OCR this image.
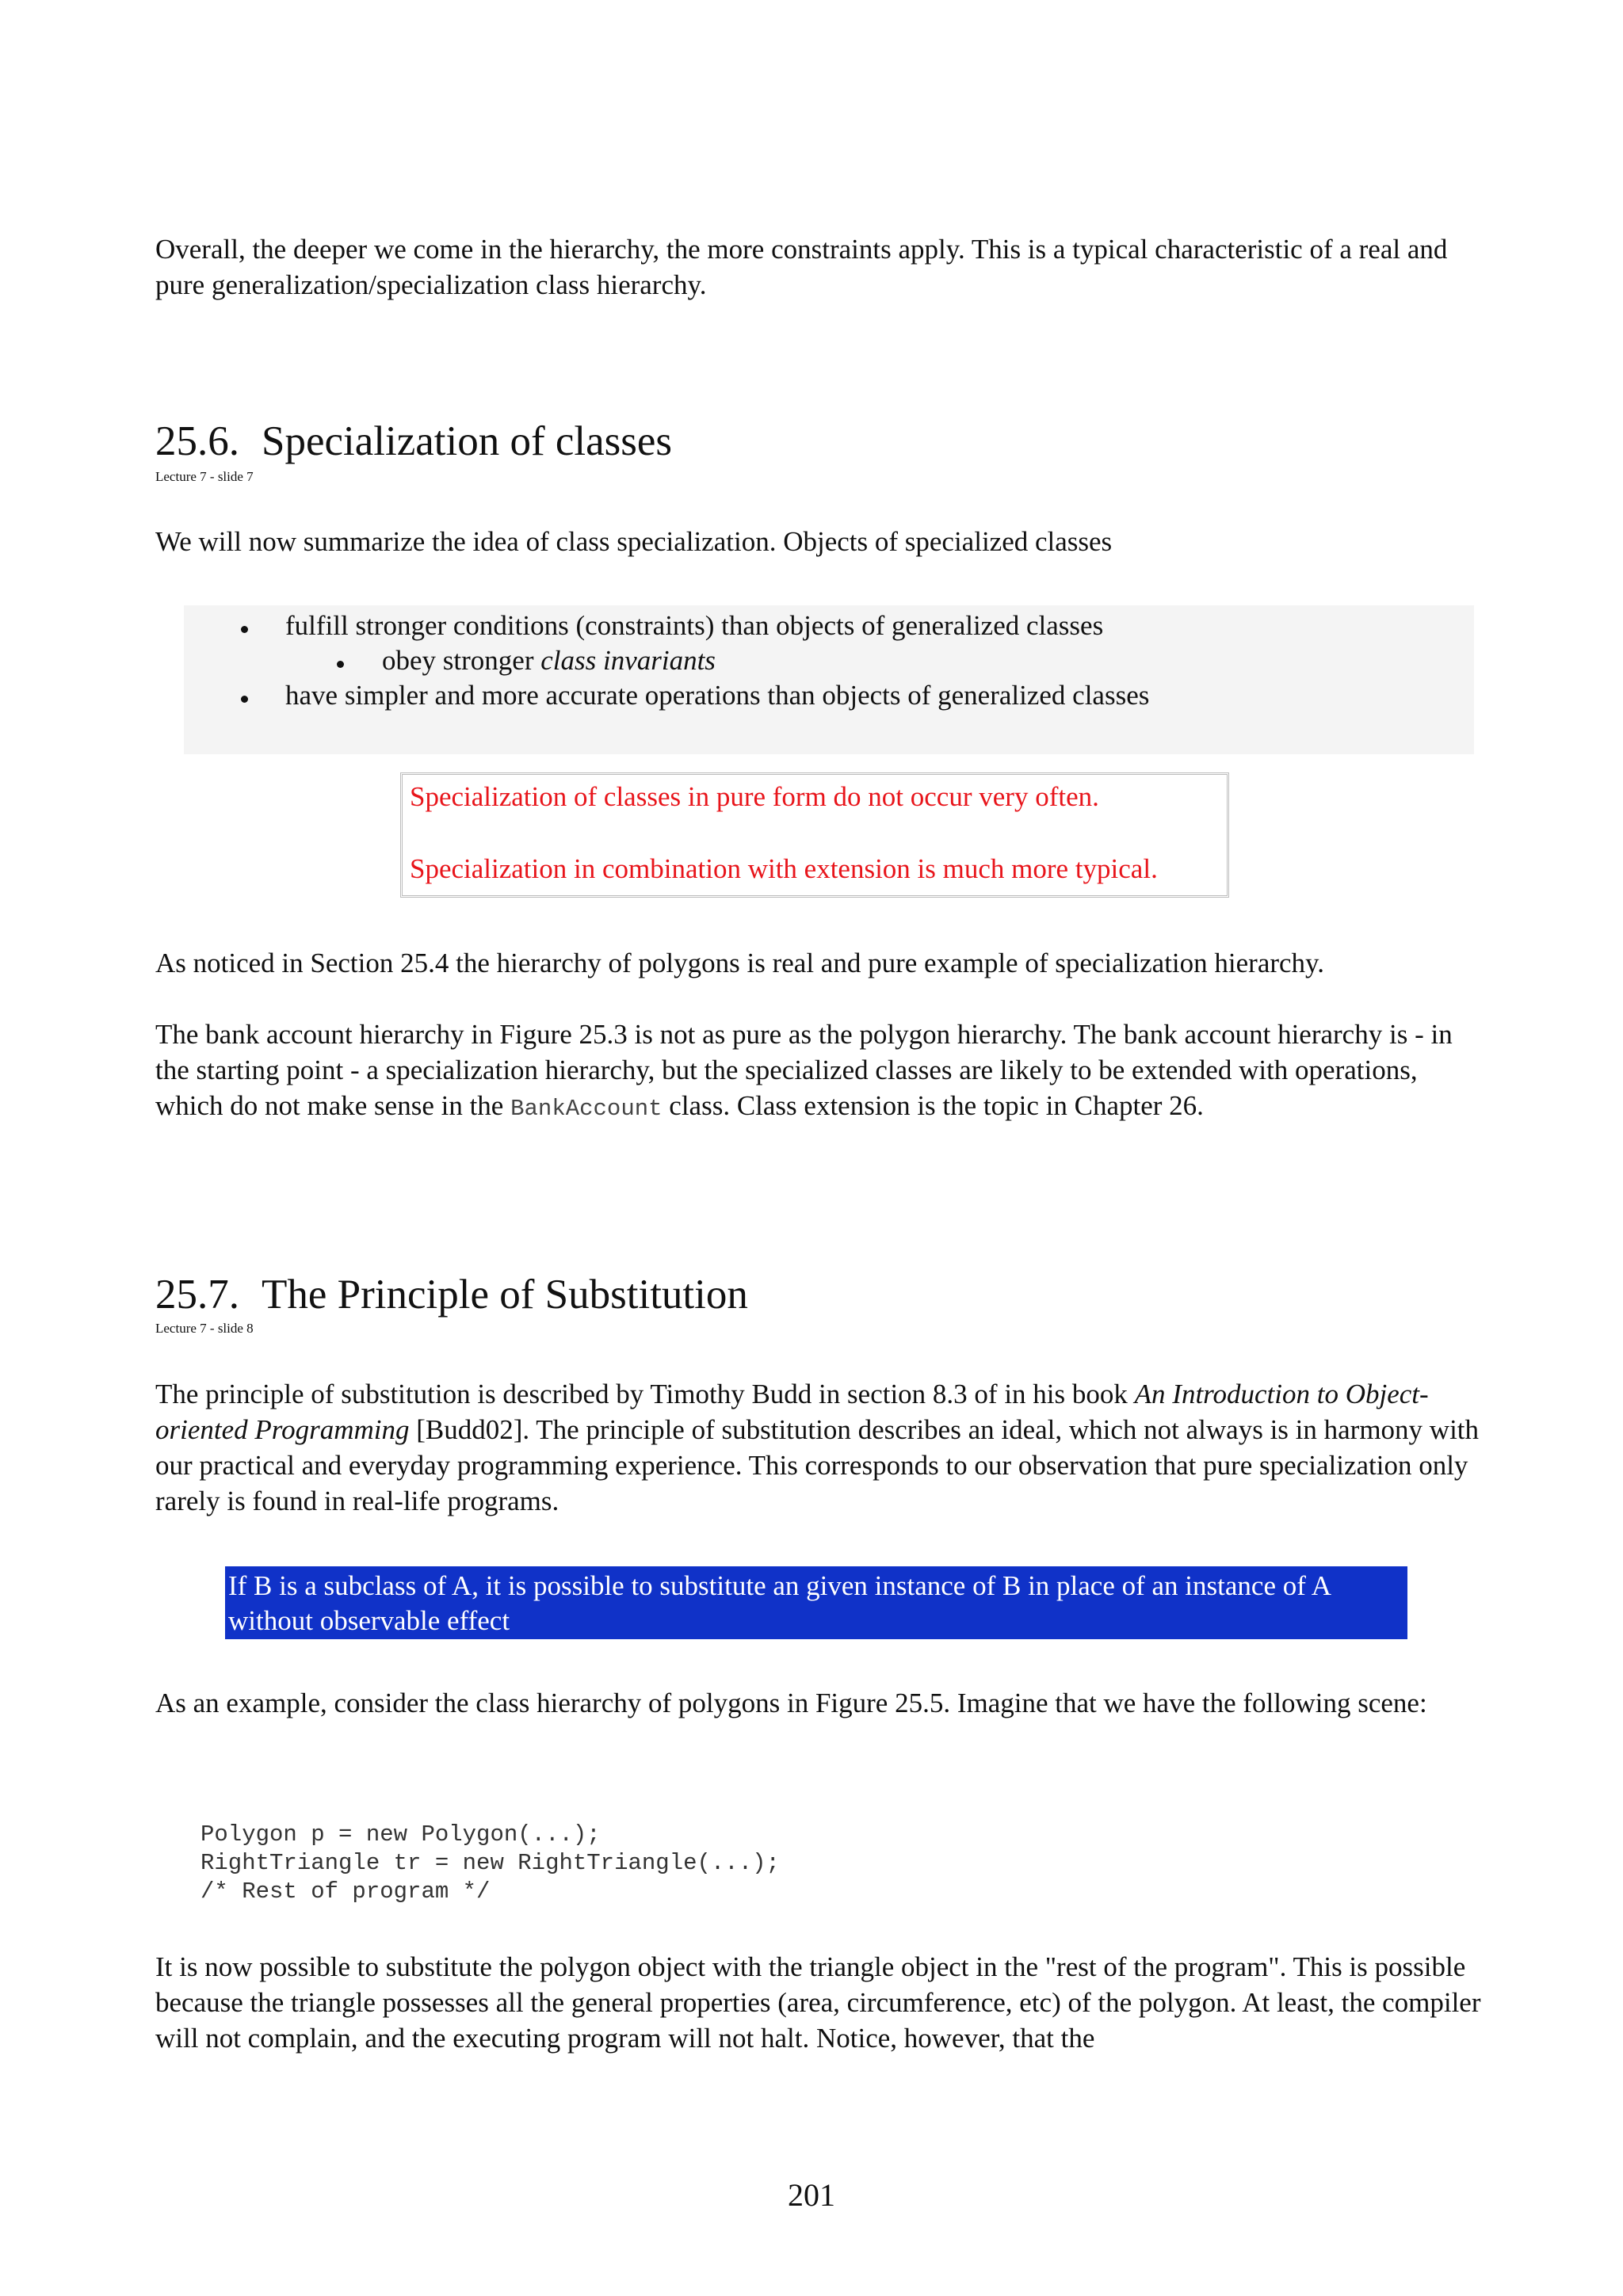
Overall, the deeper we come in the hierarchy, the more constraints apply. This is a typical characteristic of a real and pure generalization/specialization class hierarchy.

25.6. Specialization of classes
Lecture 7 - slide 7

We will now summarize the idea of class specialization. Objects of specialized classes

fulfill stronger conditions (constraints) than objects of generalized classes
obey stronger class invariants
have simpler and more accurate operations than objects of generalized classes
Specialization of classes in pure form do not occur very often.
Specialization in combination with extension is much more typical.

As noticed in Section 25.4 the hierarchy of polygons is real and pure example of specialization hierarchy.

The bank account hierarchy in Figure 25.3 is not as pure as the polygon hierarchy. The bank account hierarchy is - in the starting point - a specialization hierarchy, but the specialized classes are likely to be extended with operations, which do not make sense in the BankAccount class. Class extension is the topic in Chapter 26.

25.7. The Principle of Substitution
Lecture 7 - slide 8

The principle of substitution is described by Timothy Budd in section 8.3 of in his book An Introduction to Object-oriented Programming [Budd02]. The principle of substitution describes an ideal, which not always is in harmony with our practical and everyday programming experience. This corresponds to our observation that pure specialization only rarely is found in real-life programs.

If B is a subclass of A, it is possible to substitute an given instance of B in place of an instance of A without observable effect

As an example, consider the class hierarchy of polygons in Figure 25.5. Imagine that we have the following scene:

Polygon p = new Polygon(...);
RightTriangle tr = new RightTriangle(...);
/* Rest of program */

It is now possible to substitute the polygon object with the triangle object in the "rest of the program". This is possible because the triangle possesses all the general properties (area, circumference, etc) of the polygon. At least, the compiler will not complain, and the executing program will not halt. Notice, however, that the

201
